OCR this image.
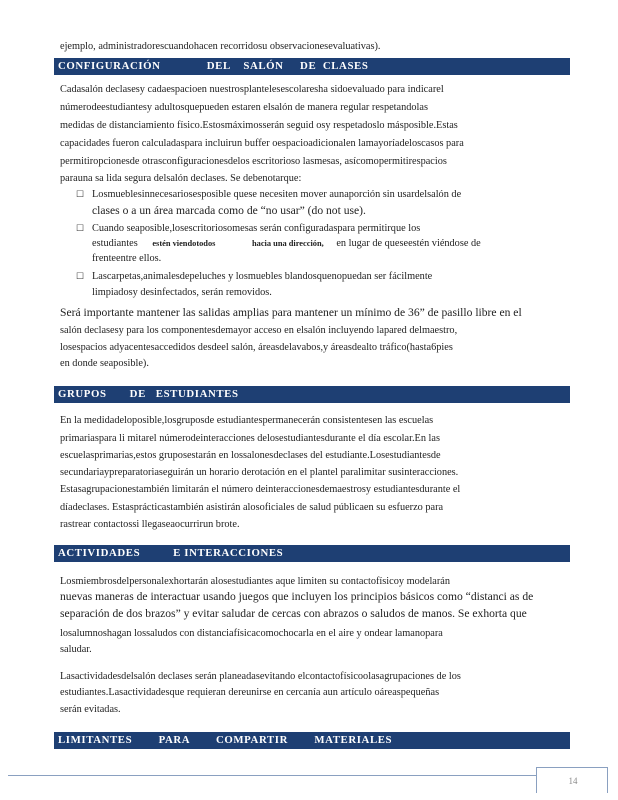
ejemplo, administradorescuandohacen recorridosu observacionesevaluativas).
CONFIGURACIÓN              DEL    SALÓN     DE  CLASES
Cadasalón declasesy cadaespacioen nuestrosplantelesescolaresha sidoevaluado para indicarel
númerodeestudiantesy adultosquepueden estaren elsalón de manera regular respetandolas
medidas de distanciamiento físico.Estosmáximosserán seguid osy respetadoslo másposible.Estas
capacidades fueron calculadaspara incluirun buffer oespacioadicionalen lamayoríadeloscasos para
permitiropcionesde otrasconfiguracionesdelos escritorioso lasmesas, asícomopermitirespacios
parauna sa lida segura delsalón declases. Se debenotarque:
☐ Losmueblesinnecesariosesposible quese necesiten mover aunaporción sin usardelsalón de
clases o a un área marcada como de “no usar” (do not use).
☐ Cuando seaposible,losescritoriosomesas serán configuradaspara permitirque los
estudiantes estén viendotodos	hacia una dirección, en lugar de queseestén viéndose de
frenteentre ellos.
☐ Lascarpetas,animalesdepeluches y losmuebles blandosquenopuedan ser fácilmente
limpiadosy desinfectados, serán removidos.
Será importante mantener las salidas amplias para mantener un mínimo de 36” de pasillo libre en el
salón declasesy para los componentesdemayor acceso en elsalón incluyendo lapared delmaestro,
losespacios adyacentesaccedidos desdeel salón, áreasdelavabos,y áreasdealto tráfico(hasta6pies
en donde seaposible).
GRUPOS       DE   ESTUDIANTES
En la medidadeloposible,losgruposde estudiantespermanecerán consistentesen las escuelas
primariaspara li mitarel númerodeinteracciones delosestudiantesdurante el día escolar.En las
escuelasprimarias,estos gruposestarán en lossalonesdeclases del estudiante.Losestudiantesde
secundariaypreparatoriaseguirán un horario derotación en el plantel paralimitar susinteracciones.
Estasagrupacionestambién limitarán el número deinteraccionesdemaestrosy estudiantesdurante el
díadeclases. Estasprácticastambién asistirán alosoficiales de salud públicaen su esfuerzo para
rastrear contactossi llegaseaocurrirun brote.
ACTIVIDADES          E INTERACCIONES
Losmiembrosdelpersonalexhortarán alosestudiantes aque limiten su contactofísicoy modelarán
nuevas maneras de interactuar usando juegos que incluyen los principios básicos como “distanci as de
separación de dos brazos” y evitar saludar de cercas con abrazos o saludos de manos. Se exhorta que
losalumnoshagan lossaludos con distanciafísicacomochocarla en el aire y ondear lamanopara
saludar.
Lasactividadesdelsalón declases serán planeadasevitando elcontactofísicoolasagrupaciones de los
estudiantes.Lasactividadesque requieran dereunirse en cercanía aun artículo oáreaspequeñas
serán evitadas.
LIMITANTES        PARA        COMPARTIR        MATERIALES
14
